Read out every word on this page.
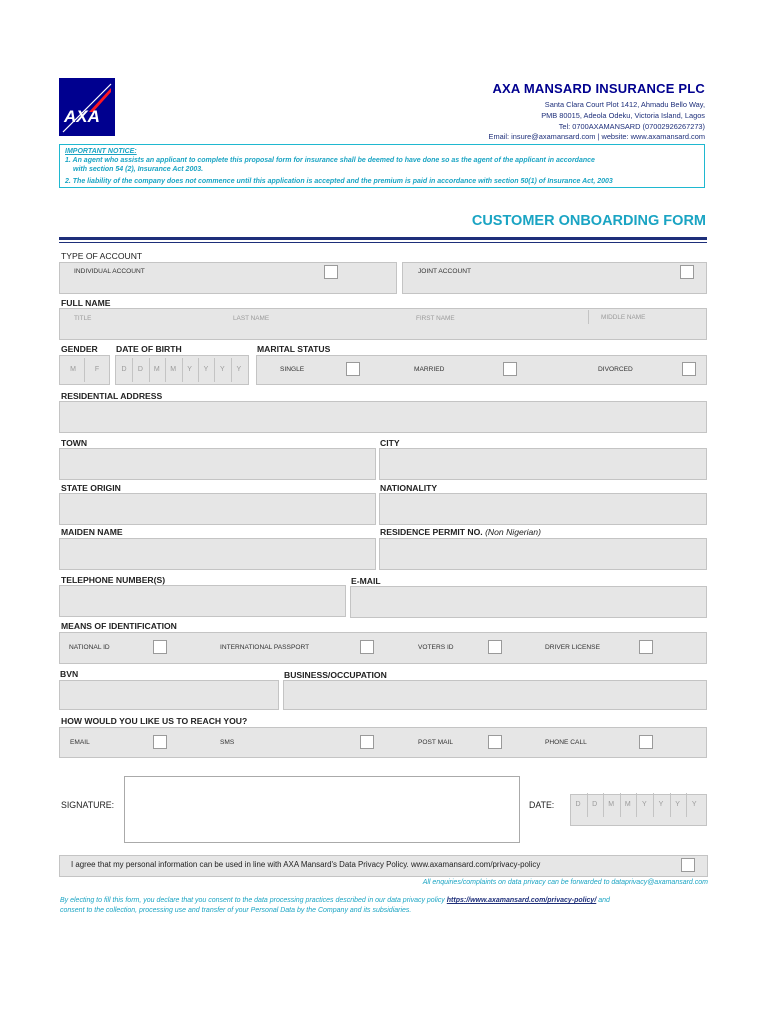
AXA
AXA MANSARD INSURANCE PLC
Santa Clara Court Plot 1412, Ahmadu Bello Way,
PMB 80015, Adeola Odeku, Victoria Island, Lagos
Tel: 0700AXAMANSARD (07002926267273)
Email: insure@axamansard.com | website: www.axamansard.com
IMPORTANT NOTICE:
1. An agent who assists an applicant to complete this proposal form for insurance shall be deemed to have done so as the agent of the applicant in accordance
with section 54 (2), Insurance Act 2003.
2. The liability of the company does not commence until this application is accepted and the premium is paid in accordance with section 50(1) of Insurance Act, 2003
CUSTOMER ONBOARDING FORM
TYPE OF ACCOUNT
INDIVIDUAL ACCOUNT	JOINT ACCOUNT
FULL NAME
TITLE	LAST NAME	FIRST NAME	MIDDLE NAME
GENDER DATE OF BIRTH	MARITAL STATUS
M	F	D	D	M	M	Y	Y	Y	Y	SINGLE	MARRIED	DIVORCED
RESIDENTIAL ADDRESS
TOWN	CITY
STATE ORIGIN	NATIONALITY
MAIDEN NAME	RESIDENCE PERMIT NO. (Non Nigerian)
TELEPHONE NUMBER(S)	E-MAIL
MEANS OF IDENTIFICATION
NATIONAL ID	INTERNATIONAL PASSPORT	VOTERS ID	DRIVER LICENSE
BVN	BUSINESS/OCCUPATION
HOW WOULD YOU LIKE US TO REACH YOU?
EMAIL	SMS	POST MAIL	PHONE CALL
SIGNATURE:	DATE:	D	D	M	M	Y	Y	Y	Y
I agree that my personal information can be used in line with AXA Mansard's Data Privacy Policy. www.axamansard.com/privacy-policy
All enquiries/complaints on data privacy can be forwarded to dataprivacy@axamansard.com
By electing to fill this form, you declare that you consent to the data processing practices described in our data privacy policy https://www.axamansard.com/privacy-policy/ and
consent to the collection, processing use and transfer of your Personal Data by the Company and its subsidiaries.
